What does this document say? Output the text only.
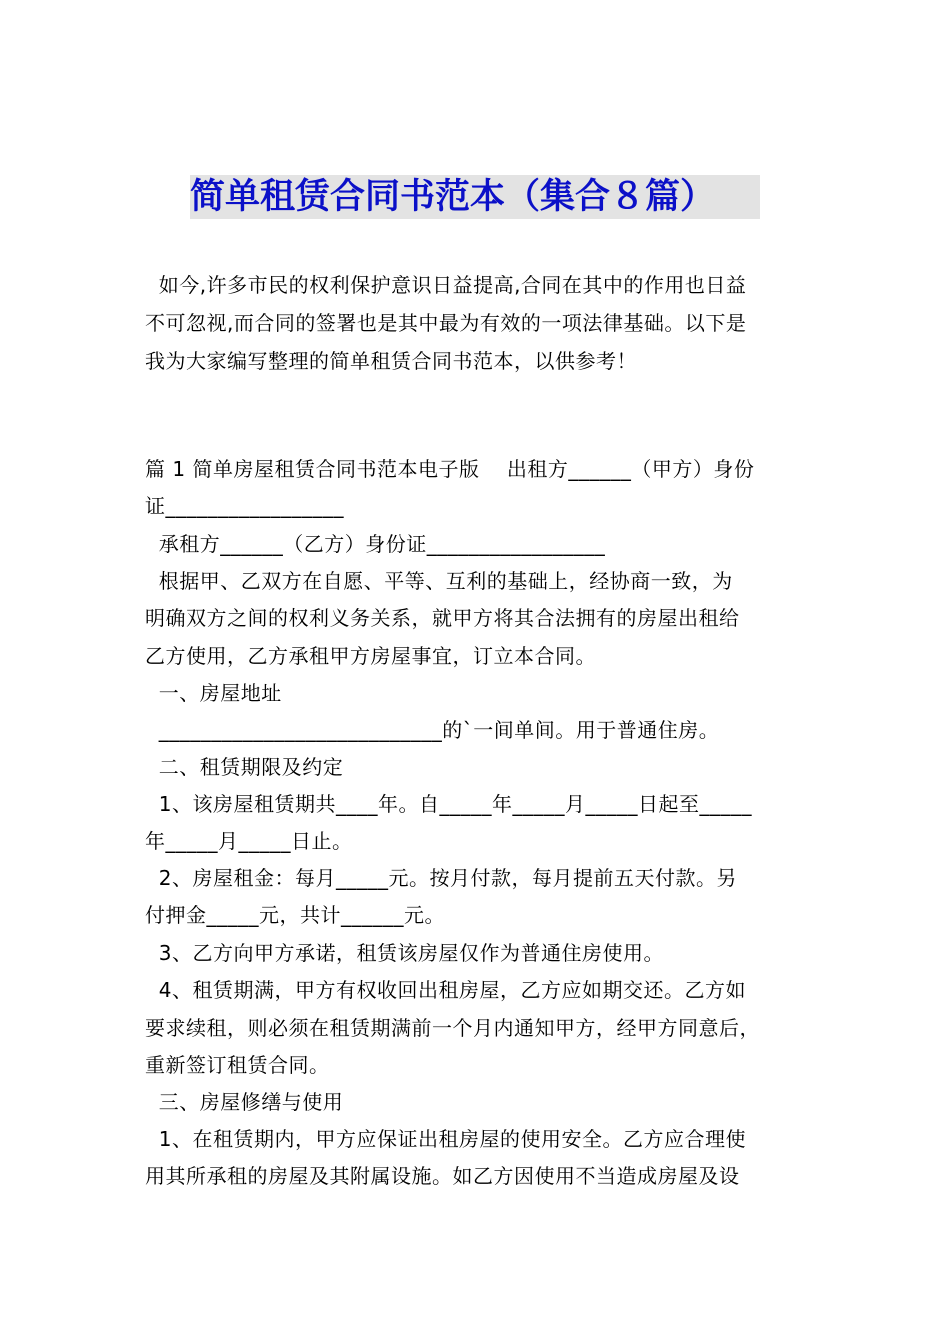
简单租赁合同书范本（集合８篇）
如今,许多市民的权利保护意识日益提高,合同在其中的作用也日益
不可忽视,而合同的签署也是其中最为有效的一项法律基础。以下是
我为大家编写整理的简单租赁合同书范本，以供参考！
篇 1 简单房屋租赁合同书范本电子版    出租方______（甲方）身份
证_________________
承租方______（乙方）身份证_________________
根据甲、乙双方在自愿、平等、互利的基础上，经协商一致，为
明确双方之间的权利义务关系，就甲方将其合法拥有的房屋出租给
乙方使用，乙方承租甲方房屋事宜，订立本合同。
一、房屋地址
___________________________的`一间单间。用于普通住房。
二、租赁期限及约定
1、该房屋租赁期共____年。自_____年_____月_____日起至_____
年_____月_____日止。
2、房屋租金：每月_____元。按月付款，每月提前五天付款。另
付押金_____元，共计______元。
3、乙方向甲方承诺，租赁该房屋仅作为普通住房使用。
4、租赁期满，甲方有权收回出租房屋，乙方应如期交还。乙方如
要求续租，则必须在租赁期满前一个月内通知甲方，经甲方同意后，
重新签订租赁合同。
三、房屋修缮与使用
1、在租赁期内，甲方应保证出租房屋的使用安全。乙方应合理使
用其所承租的房屋及其附属设施。如乙方因使用不当造成房屋及设
